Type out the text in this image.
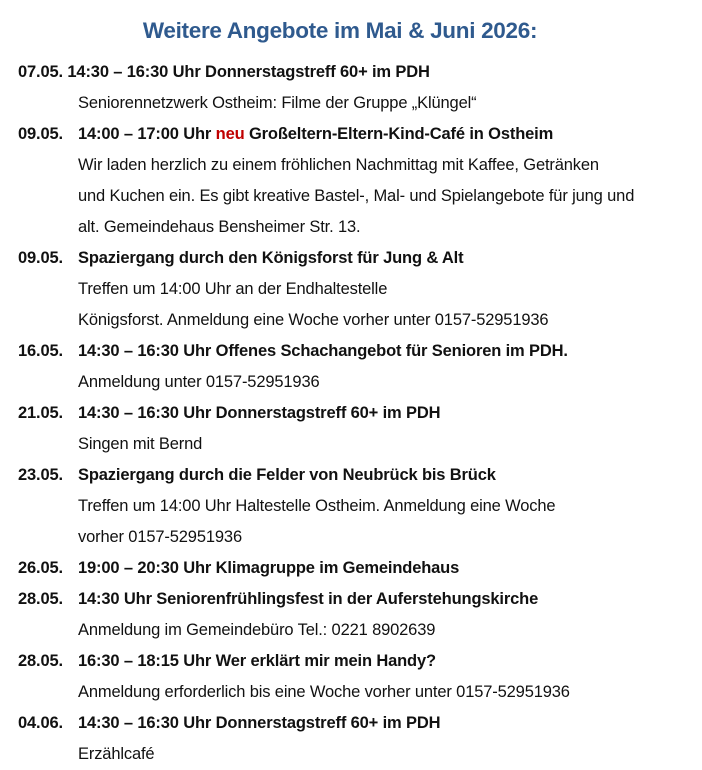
Weitere Angebote im Mai & Juni 2026:
07.05. 14:30 – 16:30 Uhr Donnerstagstreff 60+ im PDH
Seniorennetzwerk Ostheim: Filme der Gruppe „Klüngel“
09.05. 14:00 – 17:00 Uhr neu Großeltern-Eltern-Kind-Café in Ostheim
Wir laden herzlich zu einem fröhlichen Nachmittag mit Kaffee, Getränken
und Kuchen ein. Es gibt kreative Bastel-, Mal- und Spielangebote für jung und
alt. Gemeindehaus Bensheimer Str. 13.
09.05. Spaziergang durch den Königsforst für Jung & Alt
Treffen um 14:00 Uhr an der Endhaltestelle
Königsforst. Anmeldung eine Woche vorher unter 0157-52951936
16.05. 14:30 – 16:30 Uhr Offenes Schachangebot für Senioren im PDH.
Anmeldung unter 0157-52951936
21.05. 14:30 – 16:30 Uhr Donnerstagstreff 60+ im PDH
Singen mit Bernd
23.05. Spaziergang durch die Felder von Neubrück bis Brück
Treffen um 14:00 Uhr Haltestelle Ostheim. Anmeldung eine Woche
vorher 0157-52951936
26.05. 19:00 – 20:30 Uhr Klimagruppe im Gemeindehaus
28.05. 14:30 Uhr Seniorenfrühlingsfest in der Auferstehungskirche
Anmeldung im Gemeindebüro Tel.: 0221 8902639
28.05. 16:30 – 18:15 Uhr Wer erklärt mir mein Handy?
Anmeldung erforderlich bis eine Woche vorher unter 0157-52951936
04.06. 14:30 – 16:30 Uhr Donnerstagstreff 60+ im PDH
Erzählcafé
